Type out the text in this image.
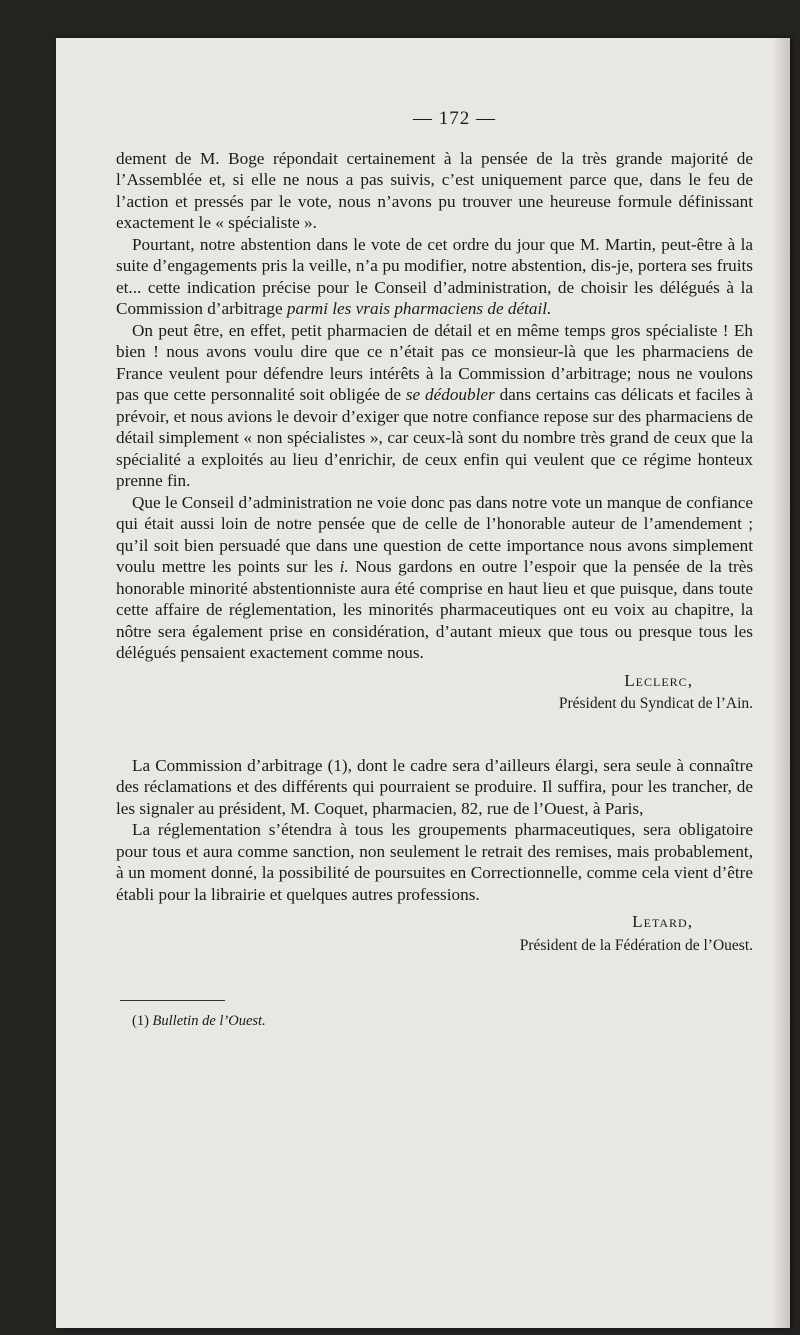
— 172 —

dement de M. Boge répondait certainement à la pensée de la très grande majorité de l’Assemblée et, si elle ne nous a pas suivis, c’est uniquement parce que, dans le feu de l’action et pressés par le vote, nous n’avons pu trouver une heureuse formule définissant exactement le « spécialiste ».

Pourtant, notre abstention dans le vote de cet ordre du jour que M. Martin, peut-être à la suite d’engagements pris la veille, n’a pu modifier, notre abstention, dis-je, portera ses fruits et... cette indication précise pour le Conseil d’administration, de choisir les délégués à la Commission d’arbitrage parmi les vrais pharmaciens de détail.

On peut être, en effet, petit pharmacien de détail et en même temps gros spécialiste ! Eh bien ! nous avons voulu dire que ce n’était pas ce monsieur-là que les pharmaciens de France veulent pour défendre leurs intérêts à la Commission d’arbitrage; nous ne voulons pas que cette personnalité soit obligée de se dédoubler dans certains cas délicats et faciles à prévoir, et nous avions le devoir d’exiger que notre confiance repose sur des pharmaciens de détail simplement « non spécialistes », car ceux-là sont du nombre très grand de ceux que la spécialité a exploités au lieu d’enrichir, de ceux enfin qui veulent que ce régime honteux prenne fin.

Que le Conseil d’administration ne voie donc pas dans notre vote un manque de confiance qui était aussi loin de notre pensée que de celle de l’honorable auteur de l’amendement ; qu’il soit bien persuadé que dans une question de cette importance nous avons simplement voulu mettre les points sur les i. Nous gardons en outre l’espoir que la pensée de la très honorable minorité abstentionniste aura été comprise en haut lieu et que puisque, dans toute cette affaire de réglementation, les minorités pharmaceutiques ont eu voix au chapitre, la nôtre sera également prise en considération, d’autant mieux que tous ou presque tous les délégués pensaient exactement comme nous.

Leclerc,
Président du Syndicat de l’Ain.

La Commission d’arbitrage (1), dont le cadre sera d’ailleurs élargi, sera seule à connaître des réclamations et des différents qui pourraient se produire. Il suffira, pour les trancher, de les signaler au président, M. Coquet, pharmacien, 82, rue de l’Ouest, à Paris,

La réglementation s’étendra à tous les groupements pharmaceutiques, sera obligatoire pour tous et aura comme sanction, non seulement le retrait des remises, mais probablement, à un moment donné, la possibilité de poursuites en Correctionnelle, comme cela vient d’être établi pour la librairie et quelques autres professions.

Letard,
Président de la Fédération de l’Ouest.
(1) Bulletin de l’Ouest.
